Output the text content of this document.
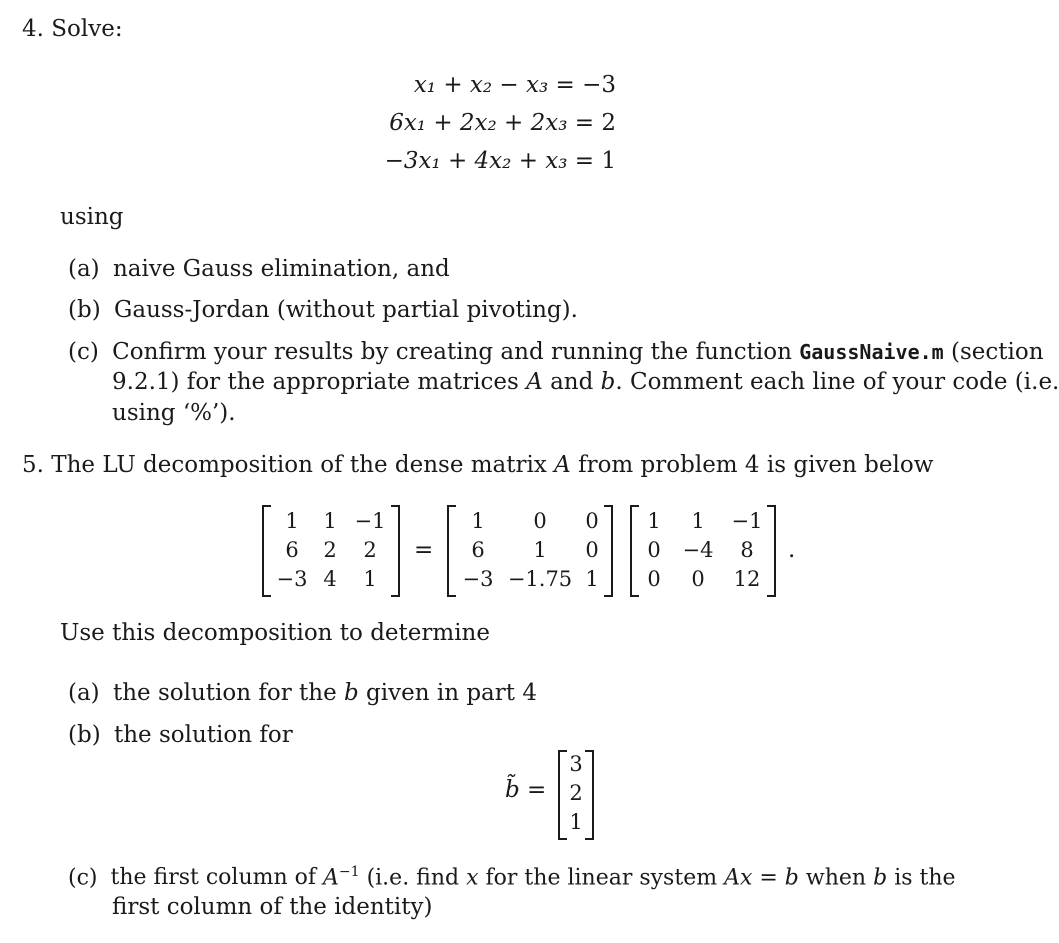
4. Solve:
x₁ + x₂ − x₃ = −3
6x₁ + 2x₂ + 2x₃ = 2
−3x₁ + 4x₂ + x₃ = 1
using
(a) naive Gauss elimination, and
(b) Gauss-Jordan (without partial pivoting).
(c) Confirm your results by creating and running the function GaussNaive.m (section
9.2.1) for the appropriate matrices A and b. Comment each line of your code (i.e.
using ‘%’).
5. The LU decomposition of the dense matrix A from problem 4 is given below
1	1 −1
6	2	2
−3 4	1
=
1	0	0
6	1	0
−3 −1.75 1
1	1	−1
0	−4	8
0	0	12
.
Use this decomposition to determine
(a) the solution for the b given in part 4
(b) the solution for
b̃ =
3
2
1
(c) the first column of $A^{-1}$ (i.e. find x for the linear system Ax = b when b is the
first column of the identity)
